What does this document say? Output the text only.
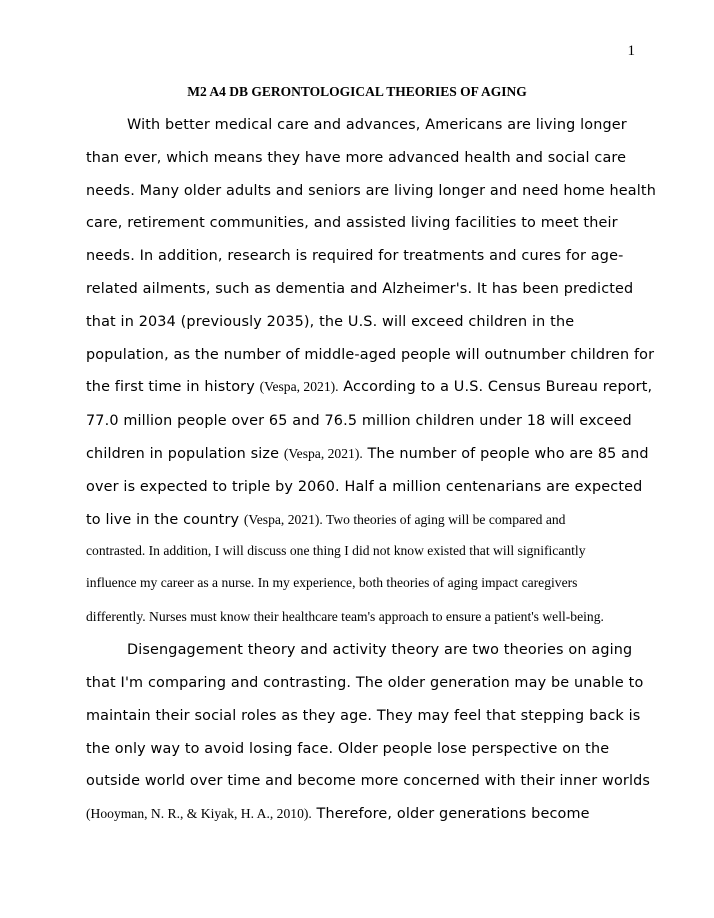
1
M2 A4 DB GERONTOLOGICAL THEORIES OF AGING
With better medical care and advances, Americans are living longer
than ever, which means they have more advanced health and social care
needs. Many older adults and seniors are living longer and need home health
care, retirement communities, and assisted living facilities to meet their
needs. In addition, research is required for treatments and cures for age-
related ailments, such as dementia and Alzheimer's. It has been predicted
that in 2034 (previously 2035), the U.S. will exceed children in the
population, as the number of middle-aged people will outnumber children for
the first time in history (Vespa, 2021). According to a U.S. Census Bureau report,
77.0 million people over 65 and 76.5 million children under 18 will exceed
children in population size (Vespa, 2021). The number of people who are 85 and
over is expected to triple by 2060. Half a million centenarians are expected
to live in the country (Vespa, 2021). Two theories of aging will be compared and
contrasted. In addition, I will discuss one thing I did not know existed that will significantly
influence my career as a nurse. In my experience, both theories of aging impact caregivers
differently. Nurses must know their healthcare team's approach to ensure a patient's well-being.
Disengagement theory and activity theory are two theories on aging
that I'm comparing and contrasting. The older generation may be unable to
maintain their social roles as they age. They may feel that stepping back is
the only way to avoid losing face. Older people lose perspective on the
outside world over time and become more concerned with their inner worlds
(Hooyman, N. R., & Kiyak, H. A., 2010). Therefore, older generations become
